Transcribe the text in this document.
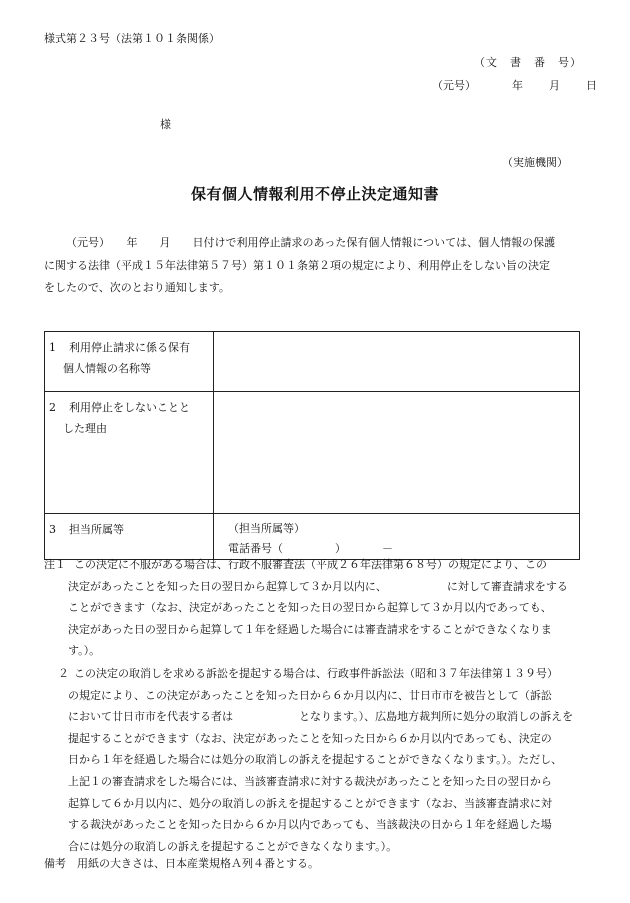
様式第２３号（法第１０１条関係）
（文　書　番　号）
（元号）	年 月 日
様
（実施機関）
保有個人情報利用不停止決定通知書

（元号）　　年　　月　　日付けで利用停止請求のあった保有個人情報については、個人情報の保護

に関する法律（平成１５年法律第５７号）第１０１条第２項の規定により、利用停止をしない旨の決定

をしたので、次のとおり通知します。

1 利用停止請求に係る保有
個人情報の名称等	

2 利用停止をしないことと
した理由	

3 担当所属等	（担当所属等）
電話番号（ ） －
注１ この決定に不服がある場合は、行政不服審査法（平成２６年法律第６８号）の規定により、この
決定があったことを知った日の翌日から起算して３か月以内に、	に対して審査請求をする
ことができます（なお、決定があったことを知った日の翌日から起算して３か月以内であっても、
決定があった日の翌日から起算して１年を経過した場合には審査請求をすることができなくなりま
す。）。
２ この決定の取消しを求める訴訟を提起する場合は、行政事件訴訟法（昭和３７年法律第１３９号）
の規定により、この決定があったことを知った日から６か月以内に、廿日市市を被告として（訴訟
において廿日市市を代表する者は	となります。）、広島地方裁判所に処分の取消しの訴えを
提起することができます（なお、決定があったことを知った日から６か月以内であっても、決定の
日から１年を経過した場合には処分の取消しの訴えを提起することができなくなります。）。ただし、
上記１の審査請求をした場合には、当該審査請求に対する裁決があったことを知った日の翌日から
起算して６か月以内に、処分の取消しの訴えを提起することができます（なお、当該審査請求に対
する裁決があったことを知った日から６か月以内であっても、当該裁決の日から１年を経過した場
合には処分の取消しの訴えを提起することができなくなります。）。
備考　用紙の大きさは、日本産業規格Ａ列４番とする。
